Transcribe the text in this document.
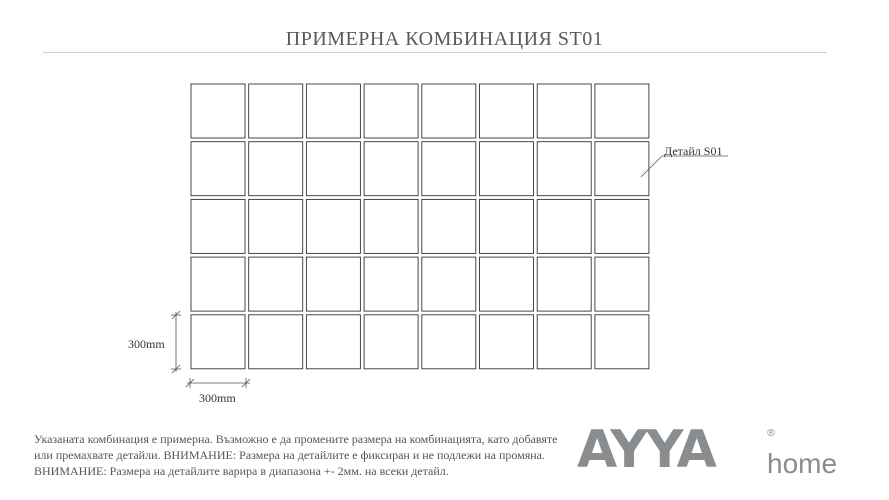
ПРИМЕРНА КОМБИНАЦИЯ ST01
Детайл S01
300mm
300mm
Указаната комбинация е примерна. Възможно е да промените размера на комбинацията, като добавяте или премахвате детайли. ВНИМАНИЕ: Размера на детайлите е фиксиран и не подлежи на промяна. ВНИМАНИЕ: Размера на детайлите варира в диапазона +- 2мм. на всеки детайл.	AYYA	®
home
